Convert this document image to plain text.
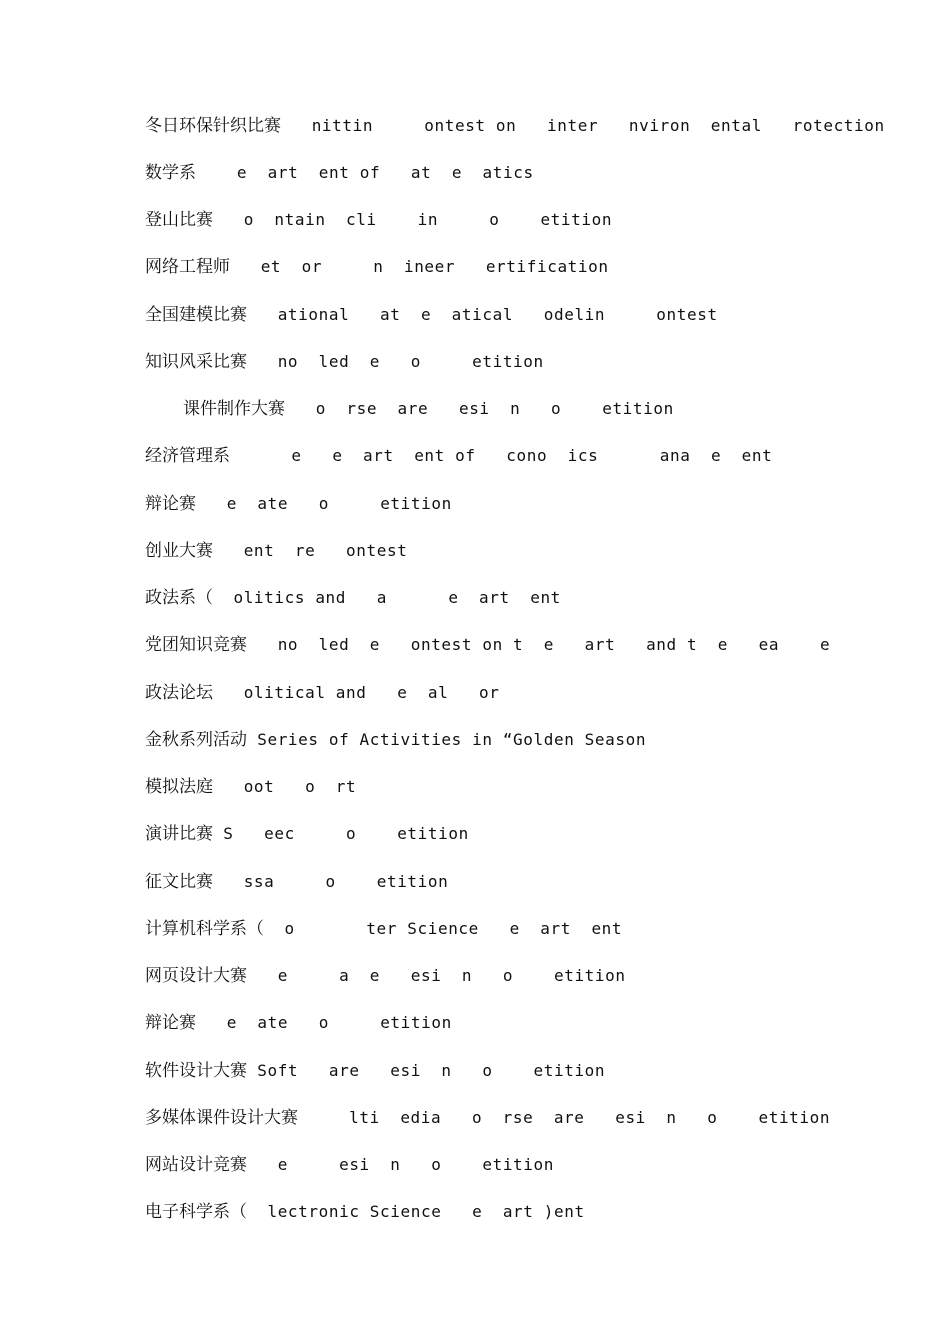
冬日环保针织比赛   nittin     ontest on   inter   nviron  ental   rotection
数学系    e  art  ent of   at  e  atics
登山比赛   o  ntain  cli    in     o    etition
网络工程师   et  or     n  ineer   ertification
全国建模比赛   ational   at  e  atical   odelin     ontest
知识风采比赛   no  led  e   o     etition
课件制作大赛   o  rse  are   esi  n   o    etition
经济管理系      e   e  art  ent of   cono  ics      ana  e  ent
辩论赛   e  ate   o     etition
创业大赛   ent  re   ontest
政法系（  olitics and   a      e  art  ent
党团知识竞赛   no  led  e   ontest on t  e   art   and t  e   ea    e
政法论坛   olitical and   e  al   or
金秋系列活动 Series of Activities in “Golden Season
模拟法庭   oot   o  rt
演讲比赛 S   eec     o    etition
征文比赛   ssa     o    etition
计算机科学系（  o       ter Science   e  art  ent
网页设计大赛   e     a  e   esi  n   o    etition
辩论赛   e  ate   o     etition
软件设计大赛 Soft   are   esi  n   o    etition
多媒体课件设计大赛     lti  edia   o  rse  are   esi  n   o    etition
网站设计竞赛   e     esi  n   o    etition
电子科学系（  lectronic Science   e  art )ent
